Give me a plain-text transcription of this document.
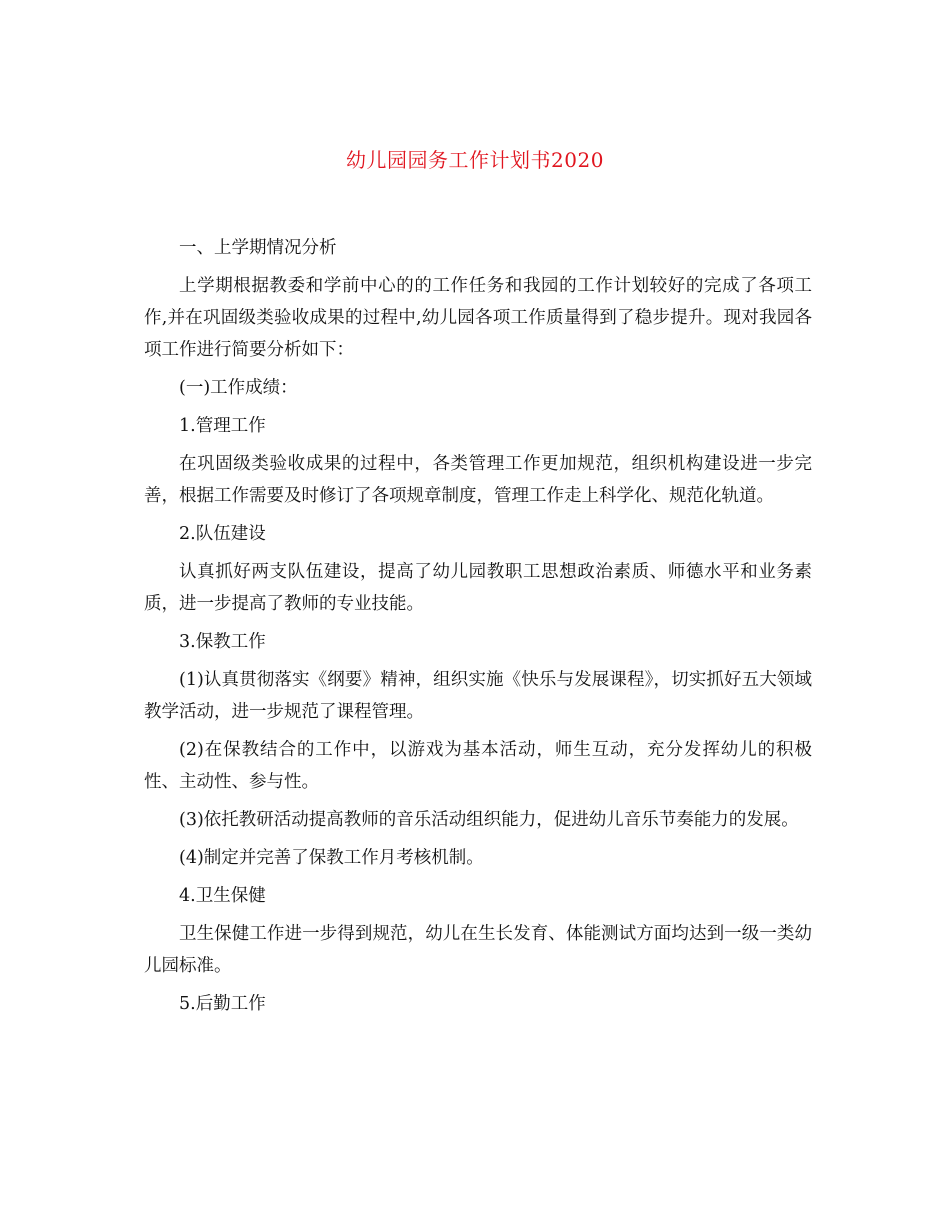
幼儿园园务工作计划书2020

一、上学期情况分析

上学期根据教委和学前中心的的工作任务和我园的工作计划较好的完成了各项工作,并在巩固级类验收成果的过程中,幼儿园各项工作质量得到了稳步提升。现对我园各项工作进行简要分析如下：

(一)工作成绩：

1.管理工作

在巩固级类验收成果的过程中，各类管理工作更加规范，组织机构建设进一步完善，根据工作需要及时修订了各项规章制度，管理工作走上科学化、规范化轨道。

2.队伍建设

认真抓好两支队伍建设，提高了幼儿园教职工思想政治素质、师德水平和业务素质，进一步提高了教师的专业技能。

3.保教工作

(1)认真贯彻落实《纲要》精神，组织实施《快乐与发展课程》，切实抓好五大领域教学活动，进一步规范了课程管理。

(2)在保教结合的工作中，以游戏为基本活动，师生互动，充分发挥幼儿的积极性、主动性、参与性。

(3)依托教研活动提高教师的音乐活动组织能力，促进幼儿音乐节奏能力的发展。

(4)制定并完善了保教工作月考核机制。

4.卫生保健

卫生保健工作进一步得到规范，幼儿在生长发育、体能测试方面均达到一级一类幼儿园标准。

5.后勤工作
